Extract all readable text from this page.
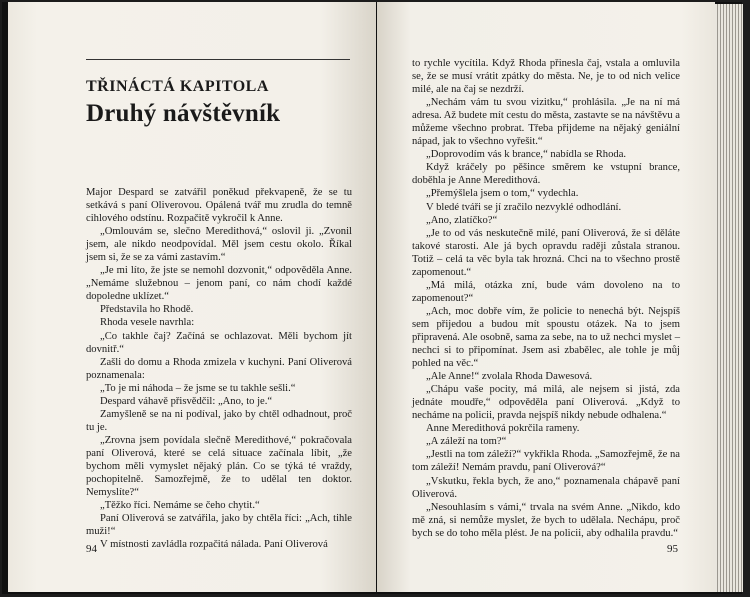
TŘINÁCTÁ KAPITOLA
Druhý návštěvník

Major Despard se zatvářil poněkud překvapeně, že se tu setkává s paní Oliverovou. Opálená tvář mu zrudla do temně cihlového odstínu. Rozpačitě vykročil k Anne.

„Omlouvám se, slečno Meredithová,“ oslovil ji. „Zvonil jsem, ale nikdo neodpovídal. Měl jsem cestu okolo. Říkal jsem si, že se za vámi zastavím.“

„Je mi líto, že jste se nemohl dozvonit,“ odpověděla Anne. „Nemáme služebnou – jenom paní, co nám chodí každé dopoledne uklízet.“

Představila ho Rhodě.

Rhoda vesele navrhla:

„Co takhle čaj? Začíná se ochlazovat. Měli bychom jít dovnitř.“

Zašli do domu a Rhoda zmizela v kuchyni. Paní Oliverová poznamenala:

„To je mi náhoda – že jsme se tu takhle sešli.“

Despard váhavě přisvědčil: „Ano, to je.“

Zamyšleně se na ni podíval, jako by chtěl odhadnout, proč tu je.

„Zrovna jsem povídala slečně Meredithové,“ pokračovala paní Oliverová, které se celá situace začínala líbit, „že bychom měli vymyslet nějaký plán. Co se týká té vraždy, pochopitelně. Samozřejmě, že to udělal ten doktor. Nemyslíte?“

„Těžko říci. Nemáme se čeho chytit.“

Paní Oliverová se zatvářila, jako by chtěla říci: „Ach, tihle muži!“

V místnosti zavládla rozpačitá nálada. Paní Oliverová

94

to rychle vycítila. Když Rhoda přinesla čaj, vstala a omluvila se, že se musí vrátit zpátky do města. Ne, je to od nich velice milé, ale na čaj se nezdrží.

„Nechám vám tu svou vizitku,“ prohlásila. „Je na ní má adresa. Až budete mít cestu do města, zastavte se na návštěvu a můžeme všechno probrat. Třeba přijdeme na nějaký geniální nápad, jak to všechno vyřešit.“

„Doprovodím vás k brance,“ nabídla se Rhoda.

Když kráčely po pěšince směrem ke vstupní brance, doběhla je Anne Meredithová.

„Přemýšlela jsem o tom,“ vydechla.

V bledé tváři se jí zračilo nezvyklé odhodlání.

„Ano, zlatíčko?“

„Je to od vás neskutečně milé, paní Oliverová, že si děláte takové starosti. Ale já bych opravdu raději zůstala stranou. Totiž – celá ta věc byla tak hrozná. Chci na to všechno prostě zapomenout.“

„Má milá, otázka zní, bude vám dovoleno na to zapomenout?“

„Ach, moc dobře vím, že policie to nenechá být. Nejspíš sem přijedou a budou mít spoustu otázek. Na to jsem připravená. Ale osobně, sama za sebe, na to už nechci myslet – nechci si to připomínat. Jsem asi zbabělec, ale tohle je můj pohled na věc.“

„Ale Anne!“ zvolala Rhoda Dawesová.

„Chápu vaše pocity, má milá, ale nejsem si jistá, zda jednáte moudře,“ odpověděla paní Oliverová. „Když to necháme na policii, pravda nejspíš nikdy nebude odhalena.“

Anne Meredithová pokrčila rameny.

„A záleží na tom?“

„Jestli na tom záleží?“ vykřikla Rhoda. „Samozřejmě, že na tom záleží! Nemám pravdu, paní Oliverová?“

„Vskutku, řekla bych, že ano,“ poznamenala chápavě paní Oliverová.

„Nesouhlasím s vámi,“ trvala na svém Anne. „Nikdo, kdo mě zná, si nemůže myslet, že bych to udělala. Nechápu, proč bych se do toho měla plést. Je na policii, aby odhalila pravdu.“

95
